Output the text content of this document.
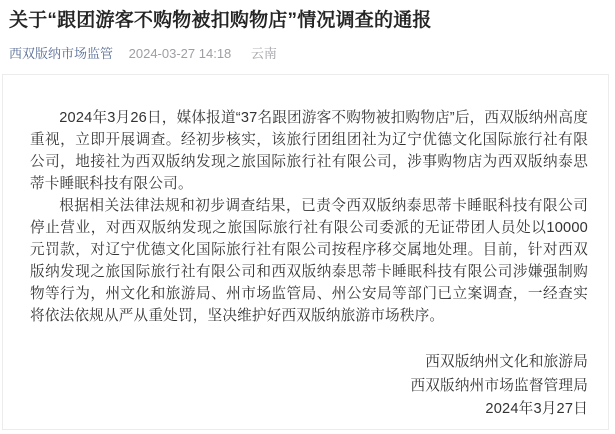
关于“跟团游客不购物被扣购物店”情况调查的通报
西双版纳市场监管 2024-03-27 14:18 云南

2024年3月26日，媒体报道“37名跟团游客不购物被扣购物店”后，西双版纳州高度重视，立即开展调查。经初步核实，该旅行团组团社为辽宁优德文化国际旅行社有限公司，地接社为西双版纳发现之旅国际旅行社有限公司，涉事购物店为西双版纳泰思蒂卡睡眠科技有限公司。

根据相关法律法规和初步调查结果，已责令西双版纳泰思蒂卡睡眠科技有限公司停止营业，对西双版纳发现之旅国际旅行社有限公司委派的无证带团人员处以10000元罚款，对辽宁优德文化国际旅行社有限公司按程序移交属地处理。目前，针对西双版纳发现之旅国际旅行社有限公司和西双版纳泰思蒂卡睡眠科技有限公司涉嫌强制购物等行为，州文化和旅游局、州市场监管局、州公安局等部门已立案调查，一经查实将依法依规从严从重处罚，坚决维护好西双版纳旅游市场秩序。

西双版纳州文化和旅游局
西双版纳州市场监督管理局
2024年3月27日
